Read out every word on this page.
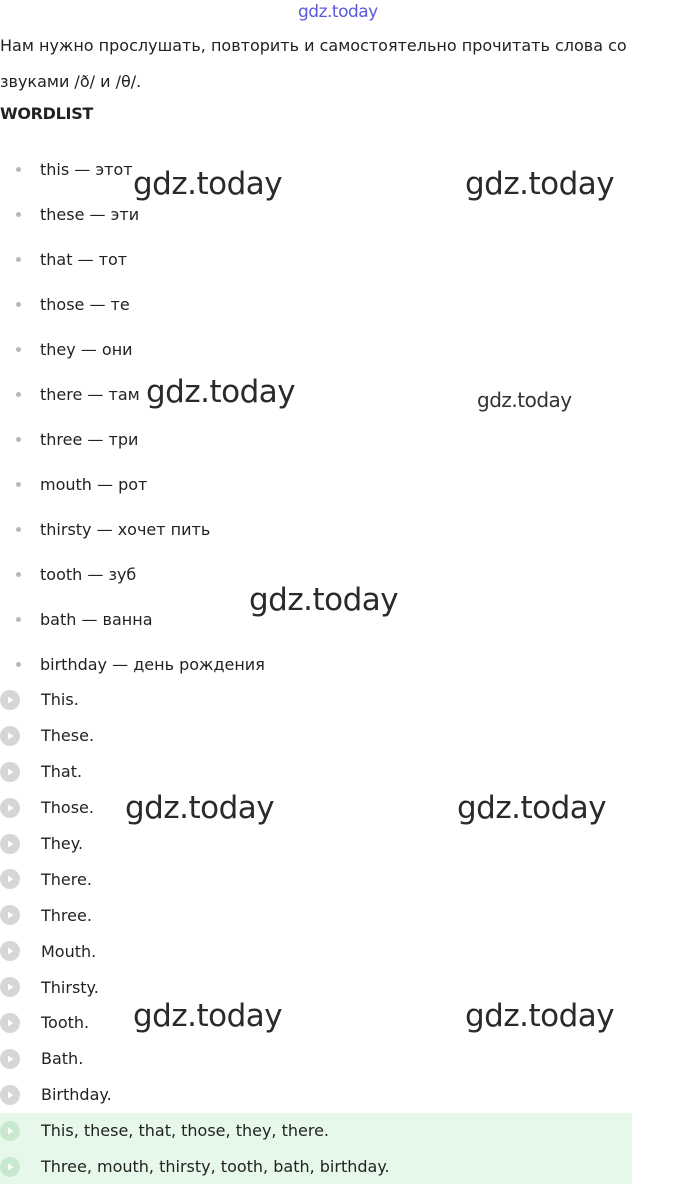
gdz.today
Нам нужно прослушать, повторить и самостоятельно прочитать слова со звуками /ð/ и /θ/.
WORDLIST
this — этот
these — эти
that — тот
those — те
they — они
there — там
three — три
mouth — рот
thirsty — хочет пить
tooth — зуб
bath — ванна
birthday — день рождения
This.
These.
That.
Those.
They.
There.
Three.
Mouth.
Thirsty.
Tooth.
Bath.
Birthday.
This, these, that, those, they, there.
Three, mouth, thirsty, tooth, bath, birthday.
gdz.today	gdz.today
gdz.today	gdz.today
gdz.today
gdz.today	gdz.today
gdz.today	gdz.today
